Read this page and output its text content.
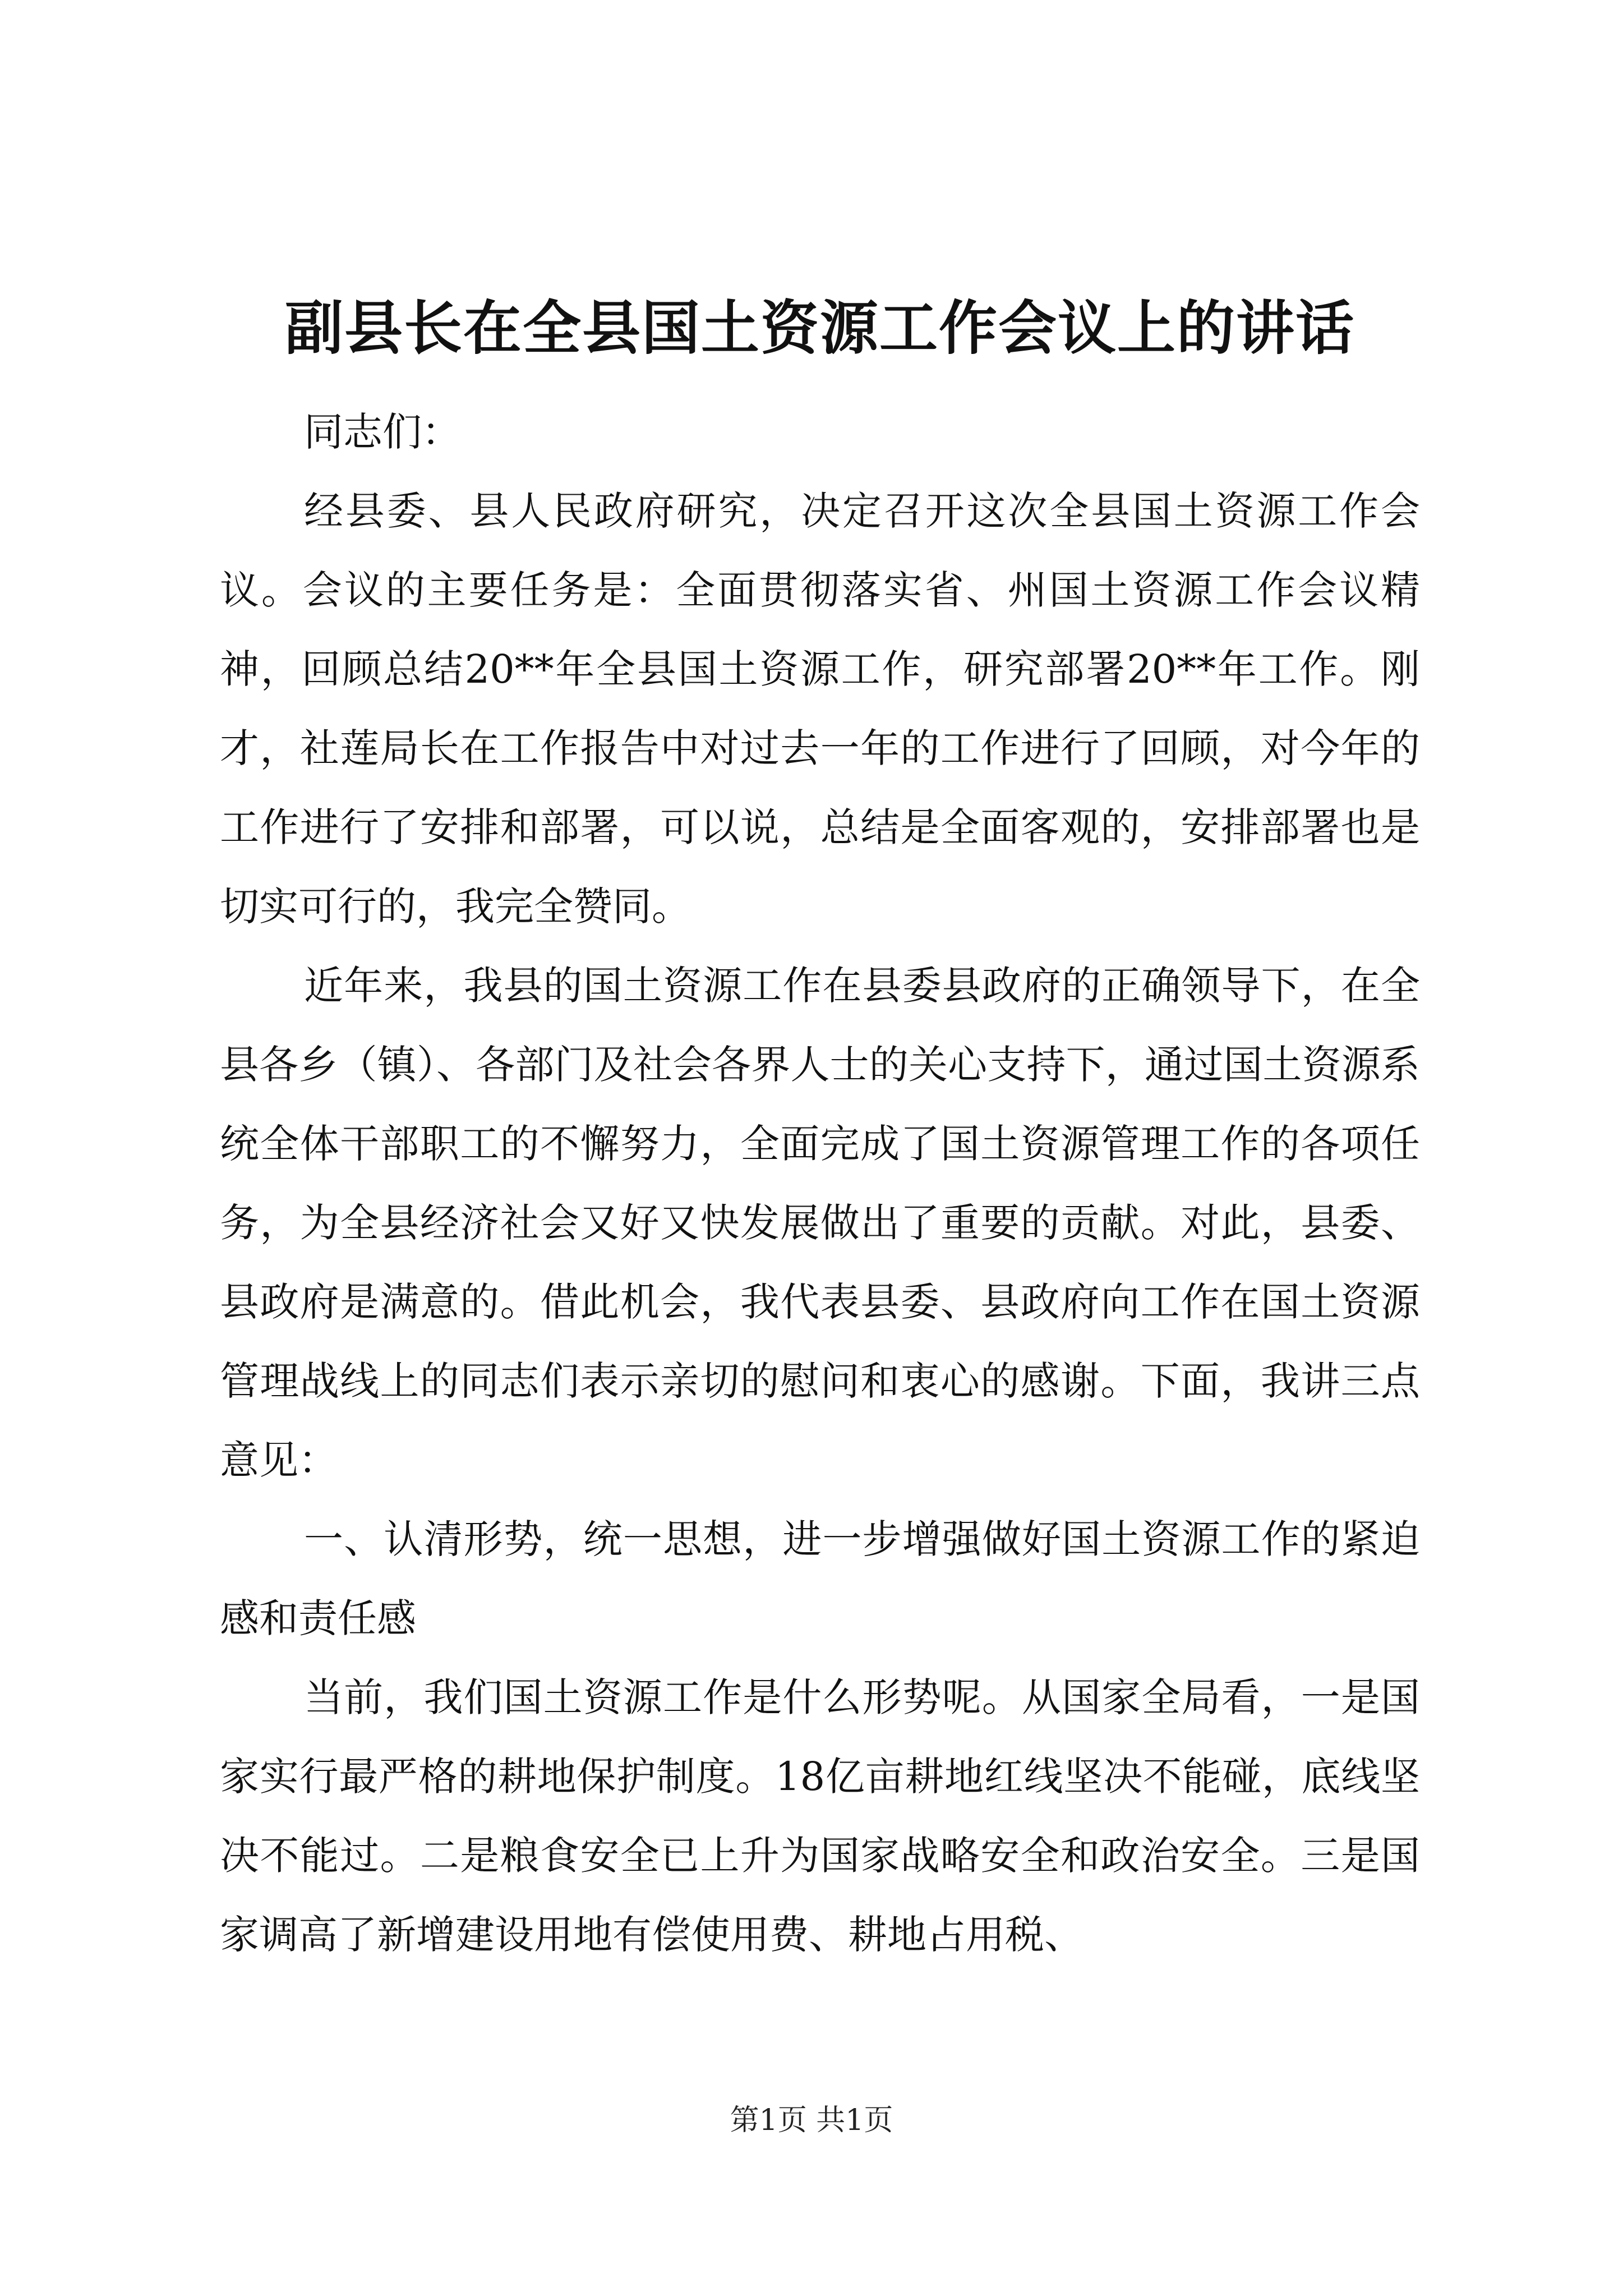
副县长在全县国土资源工作会议上的讲话

同志们：

经县委、县人民政府研究，决定召开这次全县国土资源工作会议。会议的主要任务是：全面贯彻落实省、州国土资源工作会议精神，回顾总结20**年全县国土资源工作，研究部署20**年工作。刚才，社莲局长在工作报告中对过去一年的工作进行了回顾，对今年的工作进行了安排和部署，可以说，总结是全面客观的，安排部署也是切实可行的，我完全赞同。

近年来，我县的国土资源工作在县委县政府的正确领导下，在全县各乡（镇）、各部门及社会各界人士的关心支持下，通过国土资源系统全体干部职工的不懈努力，全面完成了国土资源管理工作的各项任务，为全县经济社会又好又快发展做出了重要的贡献。对此，县委、县政府是满意的。借此机会，我代表县委、县政府向工作在国土资源管理战线上的同志们表示亲切的慰问和衷心的感谢。下面，我讲三点意见：

一、认清形势，统一思想，进一步增强做好国土资源工作的紧迫感和责任感

当前，我们国土资源工作是什么形势呢。从国家全局看，一是国家实行最严格的耕地保护制度。18亿亩耕地红线坚决不能碰，底线坚决不能过。二是粮食安全已上升为国家战略安全和政治安全。三是国家调高了新增建设用地有偿使用费、耕地占用税、

第1页 共1页
